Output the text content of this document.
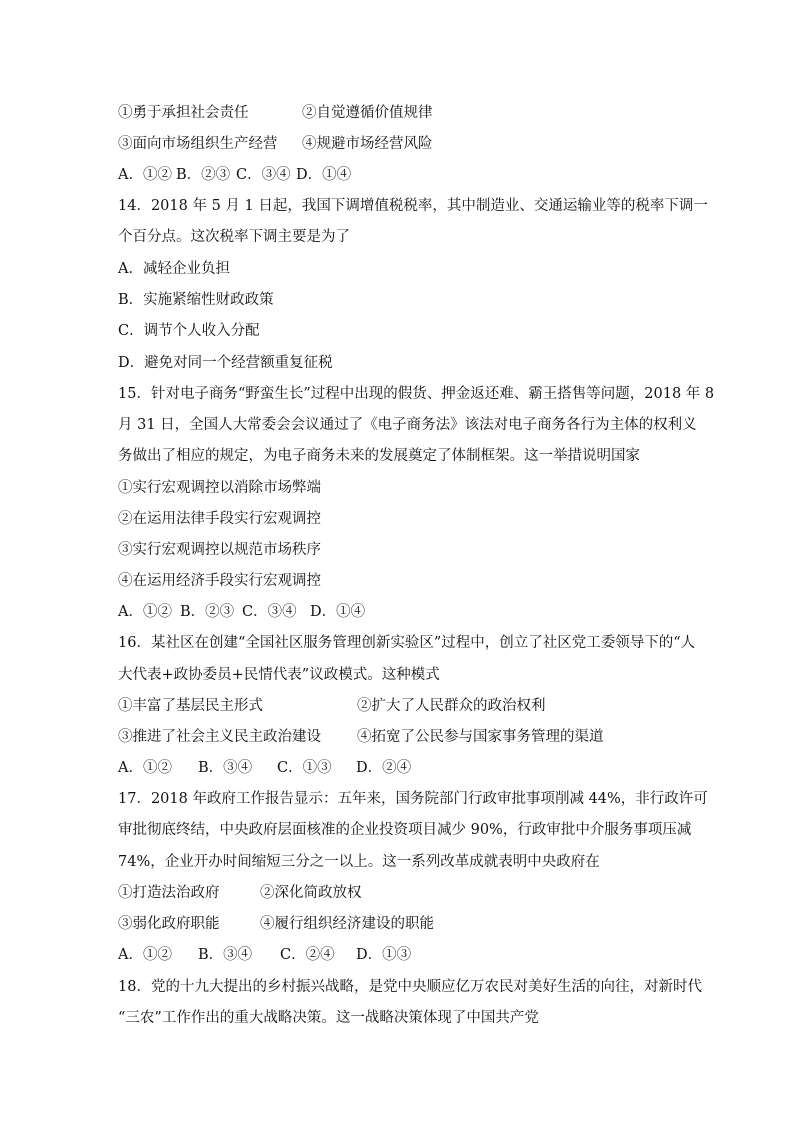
①勇于承担社会责任	②自觉遵循价值规律
③面向市场组织生产经营 ④规避市场经营风险
A．①② B．②③ C．③④ D．①④
14．2018 年 5 月 1 日起，我国下调增值税税率，其中制造业、交通运输业等的税率下调一
个百分点。这次税率下调主要是为了
A．减轻企业负担
B．实施紧缩性财政政策
C．调节个人收入分配
D．避免对同一个经营额重复征税
15．针对电子商务“野蛮生长”过程中出现的假货、押金返还难、霸王搭售等问题，2018 年 8
月 31 日，全国人大常委会会议通过了《电子商务法》该法对电子商务各行为主体的权利义
务做出了相应的规定，为电子商务未来的发展奠定了体制框架。这一举措说明国家
①实行宏观调控以消除市场弊端
②在运用法律手段实行宏观调控
③实行宏观调控以规范市场秩序
④在运用经济手段实行宏观调控
A．①② B．②③ C．③④ D．①④
16．某社区在创建“全国社区服务管理创新实验区”过程中，创立了社区党工委领导下的“人
大代表+政协委员+民情代表”议政模式。这种模式
①丰富了基层民主形式	②扩大了人民群众的政治权利
③推进了社会主义民主政治建设 ④拓宽了公民参与国家事务管理的渠道
A．①② B．③④ C．①③ D．②④
17．2018 年政府工作报告显示：五年来，国务院部门行政审批事项削减 44%，非行政许可
审批彻底终结，中央政府层面核准的企业投资项目减少 90%，行政审批中介服务事项压减
74%，企业开办时间缩短三分之一以上。这一系列改革成就表明中央政府在
①打造法治政府	②深化简政放权
③弱化政府职能	④履行组织经济建设的职能
A．①② B．③④ C．②④ D．①③
18．党的十九大提出的乡村振兴战略，是党中央顺应亿万农民对美好生活的向往，对新时代
“三农”工作作出的重大战略决策。这一战略决策体现了中国共产党
